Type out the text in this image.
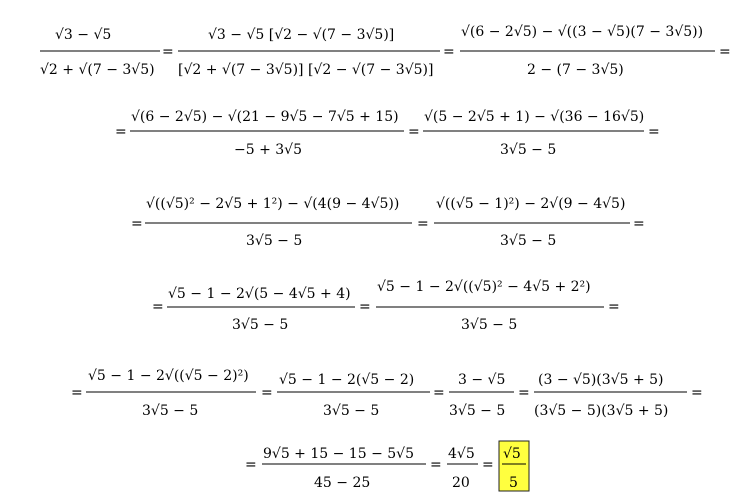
√3 − √5
√2 + √(7 − 3√5)
=
√3 − √5 [√2 − √(7 − 3√5)]
[√2 + √(7 − 3√5)] [√2 − √(7 − 3√5)]
=
√(6 − 2√5) − √((3 − √5)(7 − 3√5))
2 − (7 − 3√5)
=
=
√(6 − 2√5) − √(21 − 9√5 − 7√5 + 15)
−5 + 3√5
=
√(5 − 2√5 + 1) − √(36 − 16√5)
3√5 − 5
=
=
√((√5)² − 2√5 + 1²) − √(4(9 − 4√5))
3√5 − 5
=
√((√5 − 1)²) − 2√(9 − 4√5)
3√5 − 5
=
=
√5 − 1 − 2√(5 − 4√5 + 4)
3√5 − 5
=
√5 − 1 − 2√((√5)² − 4√5 + 2²)
3√5 − 5
=
=
√5 − 1 − 2√((√5 − 2)²)
3√5 − 5
=
√5 − 1 − 2(√5 − 2)
3√5 − 5
=
3 − √5
3√5 − 5
=
(3 − √5)(3√5 + 5)
(3√5 − 5)(3√5 + 5)
=
=
9√5 + 15 − 15 − 5√5
45 − 25
=
4√5
20
=
√5
5
